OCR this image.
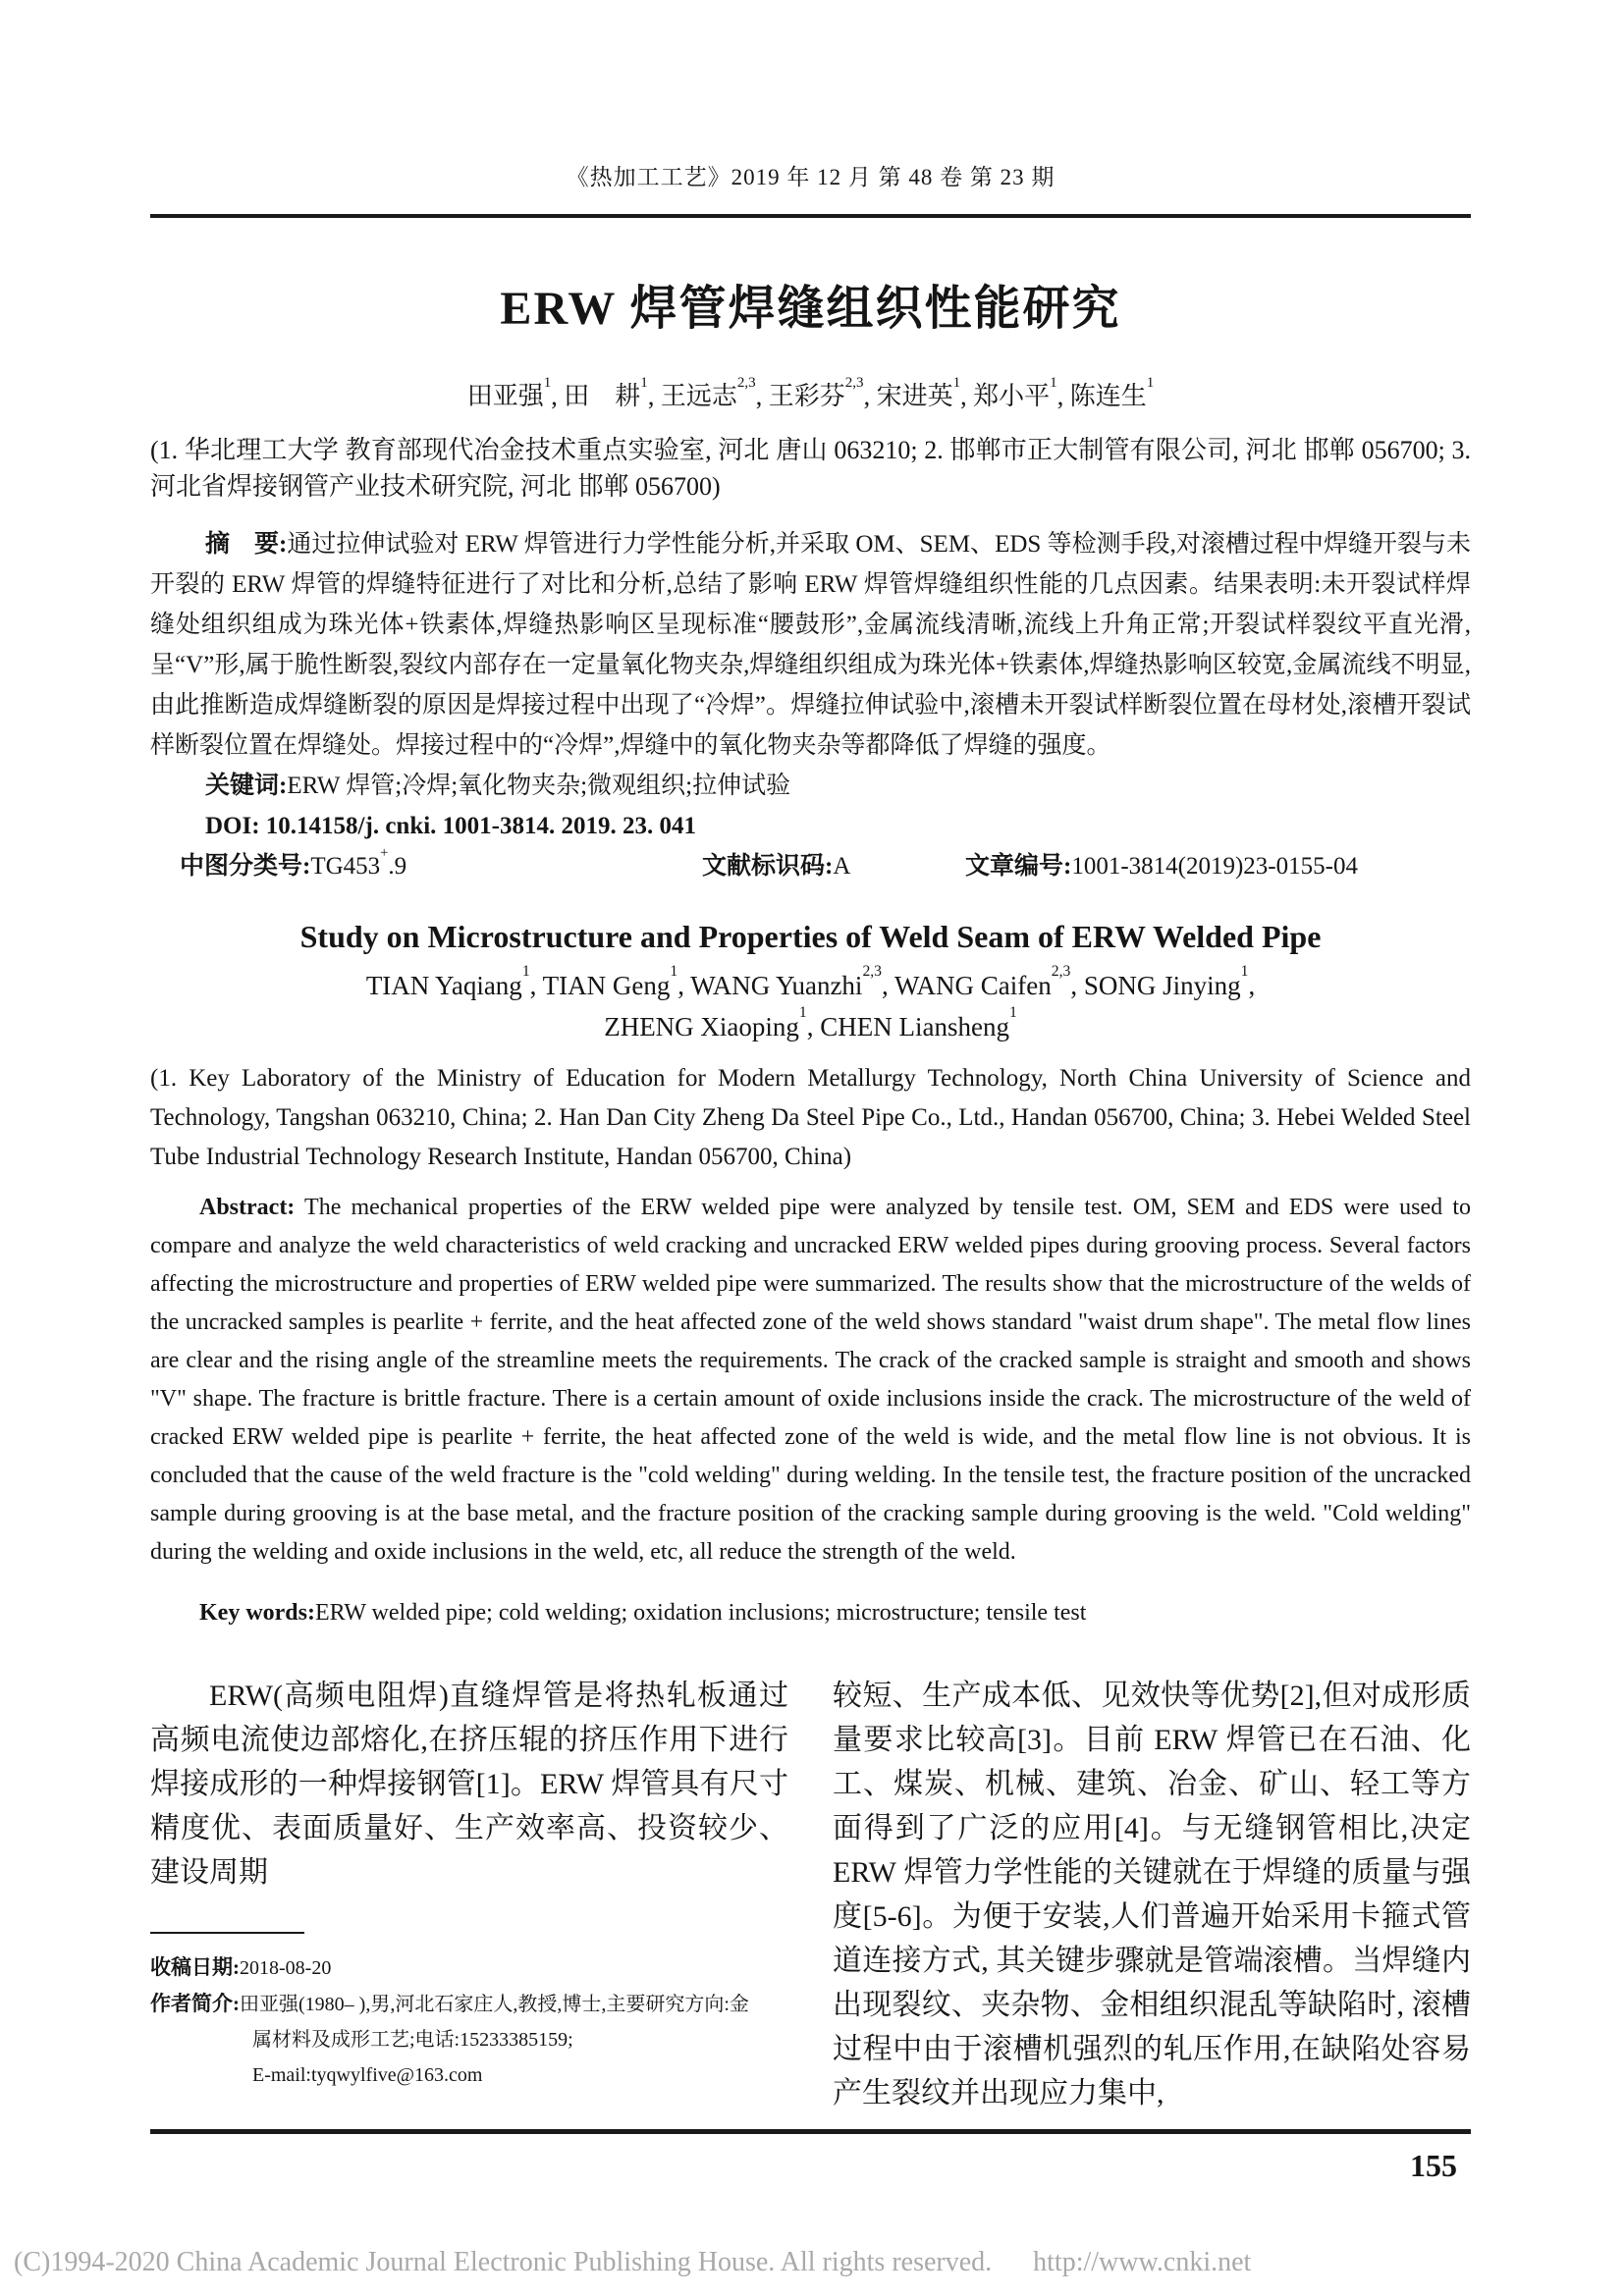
《热加工工艺》2019 年 12 月 第 48 卷 第 23 期
ERW 焊管焊缝组织性能研究
田亚强$^1$, 田　耕$^1$, 王远志$^{2,3}$, 王彩芬$^{2,3}$, 宋进英$^1$, 郑小平$^1$, 陈连生$^1$
(1. 华北理工大学 教育部现代冶金技术重点实验室, 河北 唐山 063210; 2. 邯郸市正大制管有限公司, 河北 邯郸 056700; 3. 河北省焊接钢管产业技术研究院, 河北 邯郸 056700)
摘　要:通过拉伸试验对 ERW 焊管进行力学性能分析,并采取 OM、SEM、EDS 等检测手段,对滚槽过程中焊缝开裂与未开裂的 ERW 焊管的焊缝特征进行了对比和分析,总结了影响 ERW 焊管焊缝组织性能的几点因素。结果表明:未开裂试样焊缝处组织组成为珠光体+铁素体,焊缝热影响区呈现标准“腰鼓形”,金属流线清晰,流线上升角正常;开裂试样裂纹平直光滑,呈“V”形,属于脆性断裂,裂纹内部存在一定量氧化物夹杂,焊缝组织组成为珠光体+铁素体,焊缝热影响区较宽,金属流线不明显,由此推断造成焊缝断裂的原因是焊接过程中出现了“冷焊”。焊缝拉伸试验中,滚槽未开裂试样断裂位置在母材处,滚槽开裂试样断裂位置在焊缝处。焊接过程中的“冷焊”,焊缝中的氧化物夹杂等都降低了焊缝的强度。
关键词:ERW 焊管;冷焊;氧化物夹杂;微观组织;拉伸试验
DOI: 10.14158/j. cnki. 1001-3814. 2019. 23. 041
中图分类号:TG453+.9	文献标识码:A	文章编号:1001-3814(2019)23-0155-04
Study on Microstructure and Properties of Weld Seam of ERW Welded Pipe
TIAN Yaqiang$^1$, TIAN Geng$^1$, WANG Yuanzhi$^{2,3}$, WANG Caifen$^{2,3}$, SONG Jinying$^1$,
ZHENG Xiaoping$^1$, CHEN Liansheng$^1$
(1. Key Laboratory of the Ministry of Education for Modern Metallurgy Technology, North China University of Science and Technology, Tangshan 063210, China; 2. Han Dan City Zheng Da Steel Pipe Co., Ltd., Handan 056700, China; 3. Hebei Welded Steel Tube Industrial Technology Research Institute, Handan 056700, China)
Abstract: The mechanical properties of the ERW welded pipe were analyzed by tensile test. OM, SEM and EDS were used to compare and analyze the weld characteristics of weld cracking and uncracked ERW welded pipes during grooving process. Several factors affecting the microstructure and properties of ERW welded pipe were summarized. The results show that the microstructure of the welds of the uncracked samples is pearlite + ferrite, and the heat affected zone of the weld shows standard "waist drum shape". The metal flow lines are clear and the rising angle of the streamline meets the requirements. The crack of the cracked sample is straight and smooth and shows "V" shape. The fracture is brittle fracture. There is a certain amount of oxide inclusions inside the crack. The microstructure of the weld of cracked ERW welded pipe is pearlite + ferrite, the heat affected zone of the weld is wide, and the metal flow line is not obvious. It is concluded that the cause of the weld fracture is the "cold welding" during welding. In the tensile test, the fracture position of the uncracked sample during grooving is at the base metal, and the fracture position of the cracking sample during grooving is the weld. "Cold welding" during the welding and oxide inclusions in the weld, etc, all reduce the strength of the weld.
Key words:ERW welded pipe; cold welding; oxidation inclusions; microstructure; tensile test

ERW(高频电阻焊)直缝焊管是将热轧板通过高频电流使边部熔化,在挤压辊的挤压作用下进行焊接成形的一种焊接钢管[1]。ERW 焊管具有尺寸精度优、表面质量好、生产效率高、投资较少、建设周期

收稿日期:2018-08-20
作者简介:田亚强(1980– ),男,河北石家庄人,教授,博士,主要研究方向:金
属材料及成形工艺;电话:15233385159;
E-mail:tyqwylfive@163.com

较短、生产成本低、见效快等优势[2],但对成形质量要求比较高[3]。目前 ERW 焊管已在石油、化工、煤炭、机械、建筑、冶金、矿山、轻工等方面得到了广泛的应用[4]。与无缝钢管相比,决定 ERW 焊管力学性能的关键就在于焊缝的质量与强度[5-6]。为便于安装,人们普遍开始采用卡箍式管道连接方式, 其关键步骤就是管端滚槽。当焊缝内出现裂纹、夹杂物、金相组织混乱等缺陷时, 滚槽过程中由于滚槽机强烈的轧压作用,在缺陷处容易产生裂纹并出现应力集中,

155
(C)1994-2020 China Academic Journal Electronic Publishing House. All rights reserved. http://www.cnki.net
